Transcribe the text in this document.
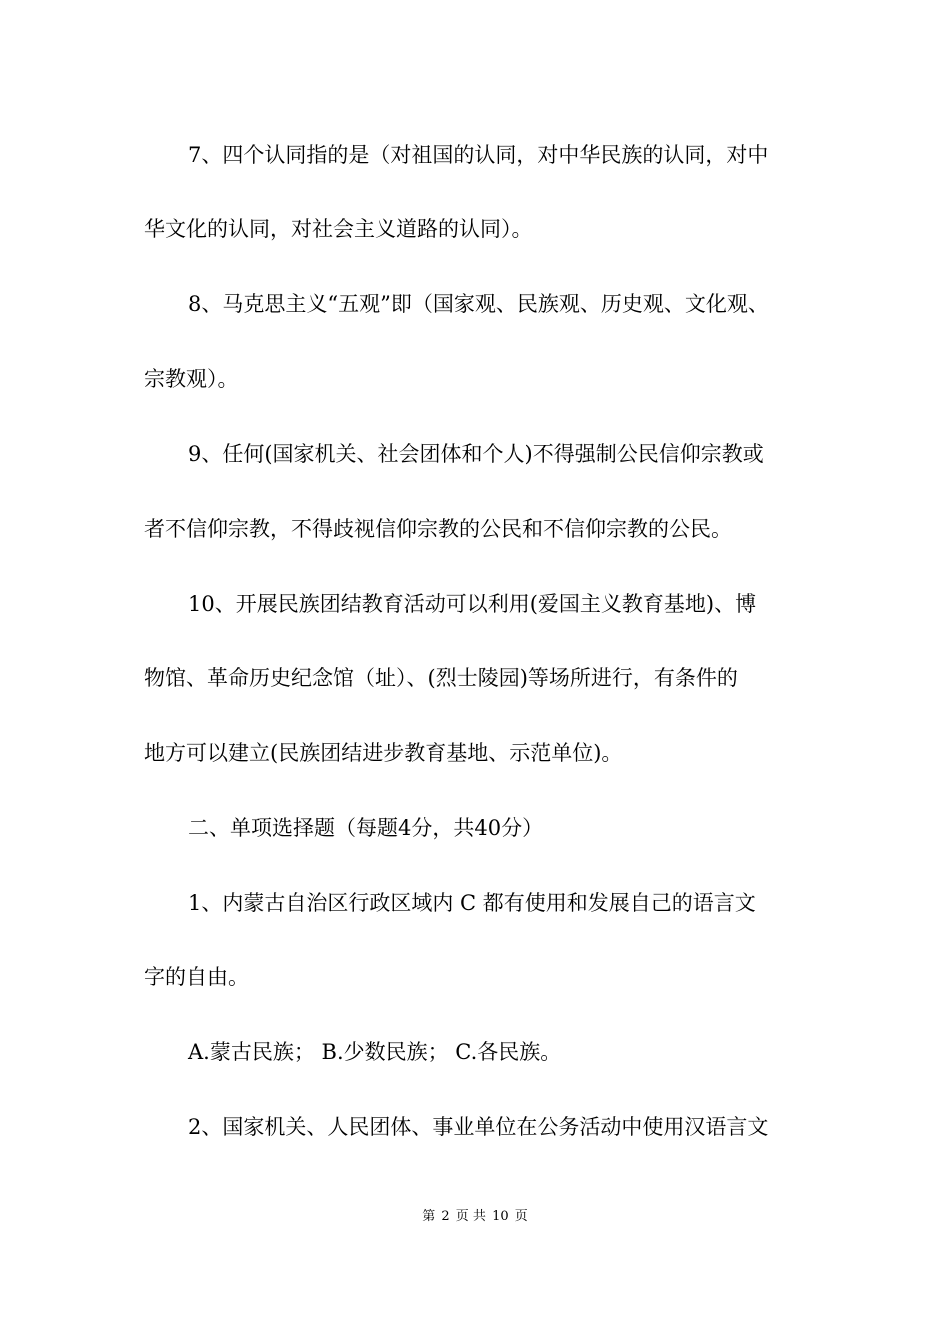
7、四个认同指的是（对祖国的认同，对中华民族的认同，对中
华文化的认同，对社会主义道路的认同）。
8、马克思主义“五观”即（国家观、民族观、历史观、文化观、
宗教观）。
9、任何(国家机关、社会团体和个人)不得强制公民信仰宗教或
者不信仰宗教，不得歧视信仰宗教的公民和不信仰宗教的公民。
10、开展民族团结教育活动可以利用(爱国主义教育基地)、博
物馆、革命历史纪念馆（址）、(烈士陵园)等场所进行，有条件的
地方可以建立(民族团结进步教育基地、示范单位)。
二、单项选择题（每题4分，共40分）
1、内蒙古自治区行政区域内 C 都有使用和发展自己的语言文
字的自由。
A.蒙古民族； B.少数民族； C.各民族。
2、国家机关、人民团体、事业单位在公务活动中使用汉语言文
第 2 页 共 10 页
